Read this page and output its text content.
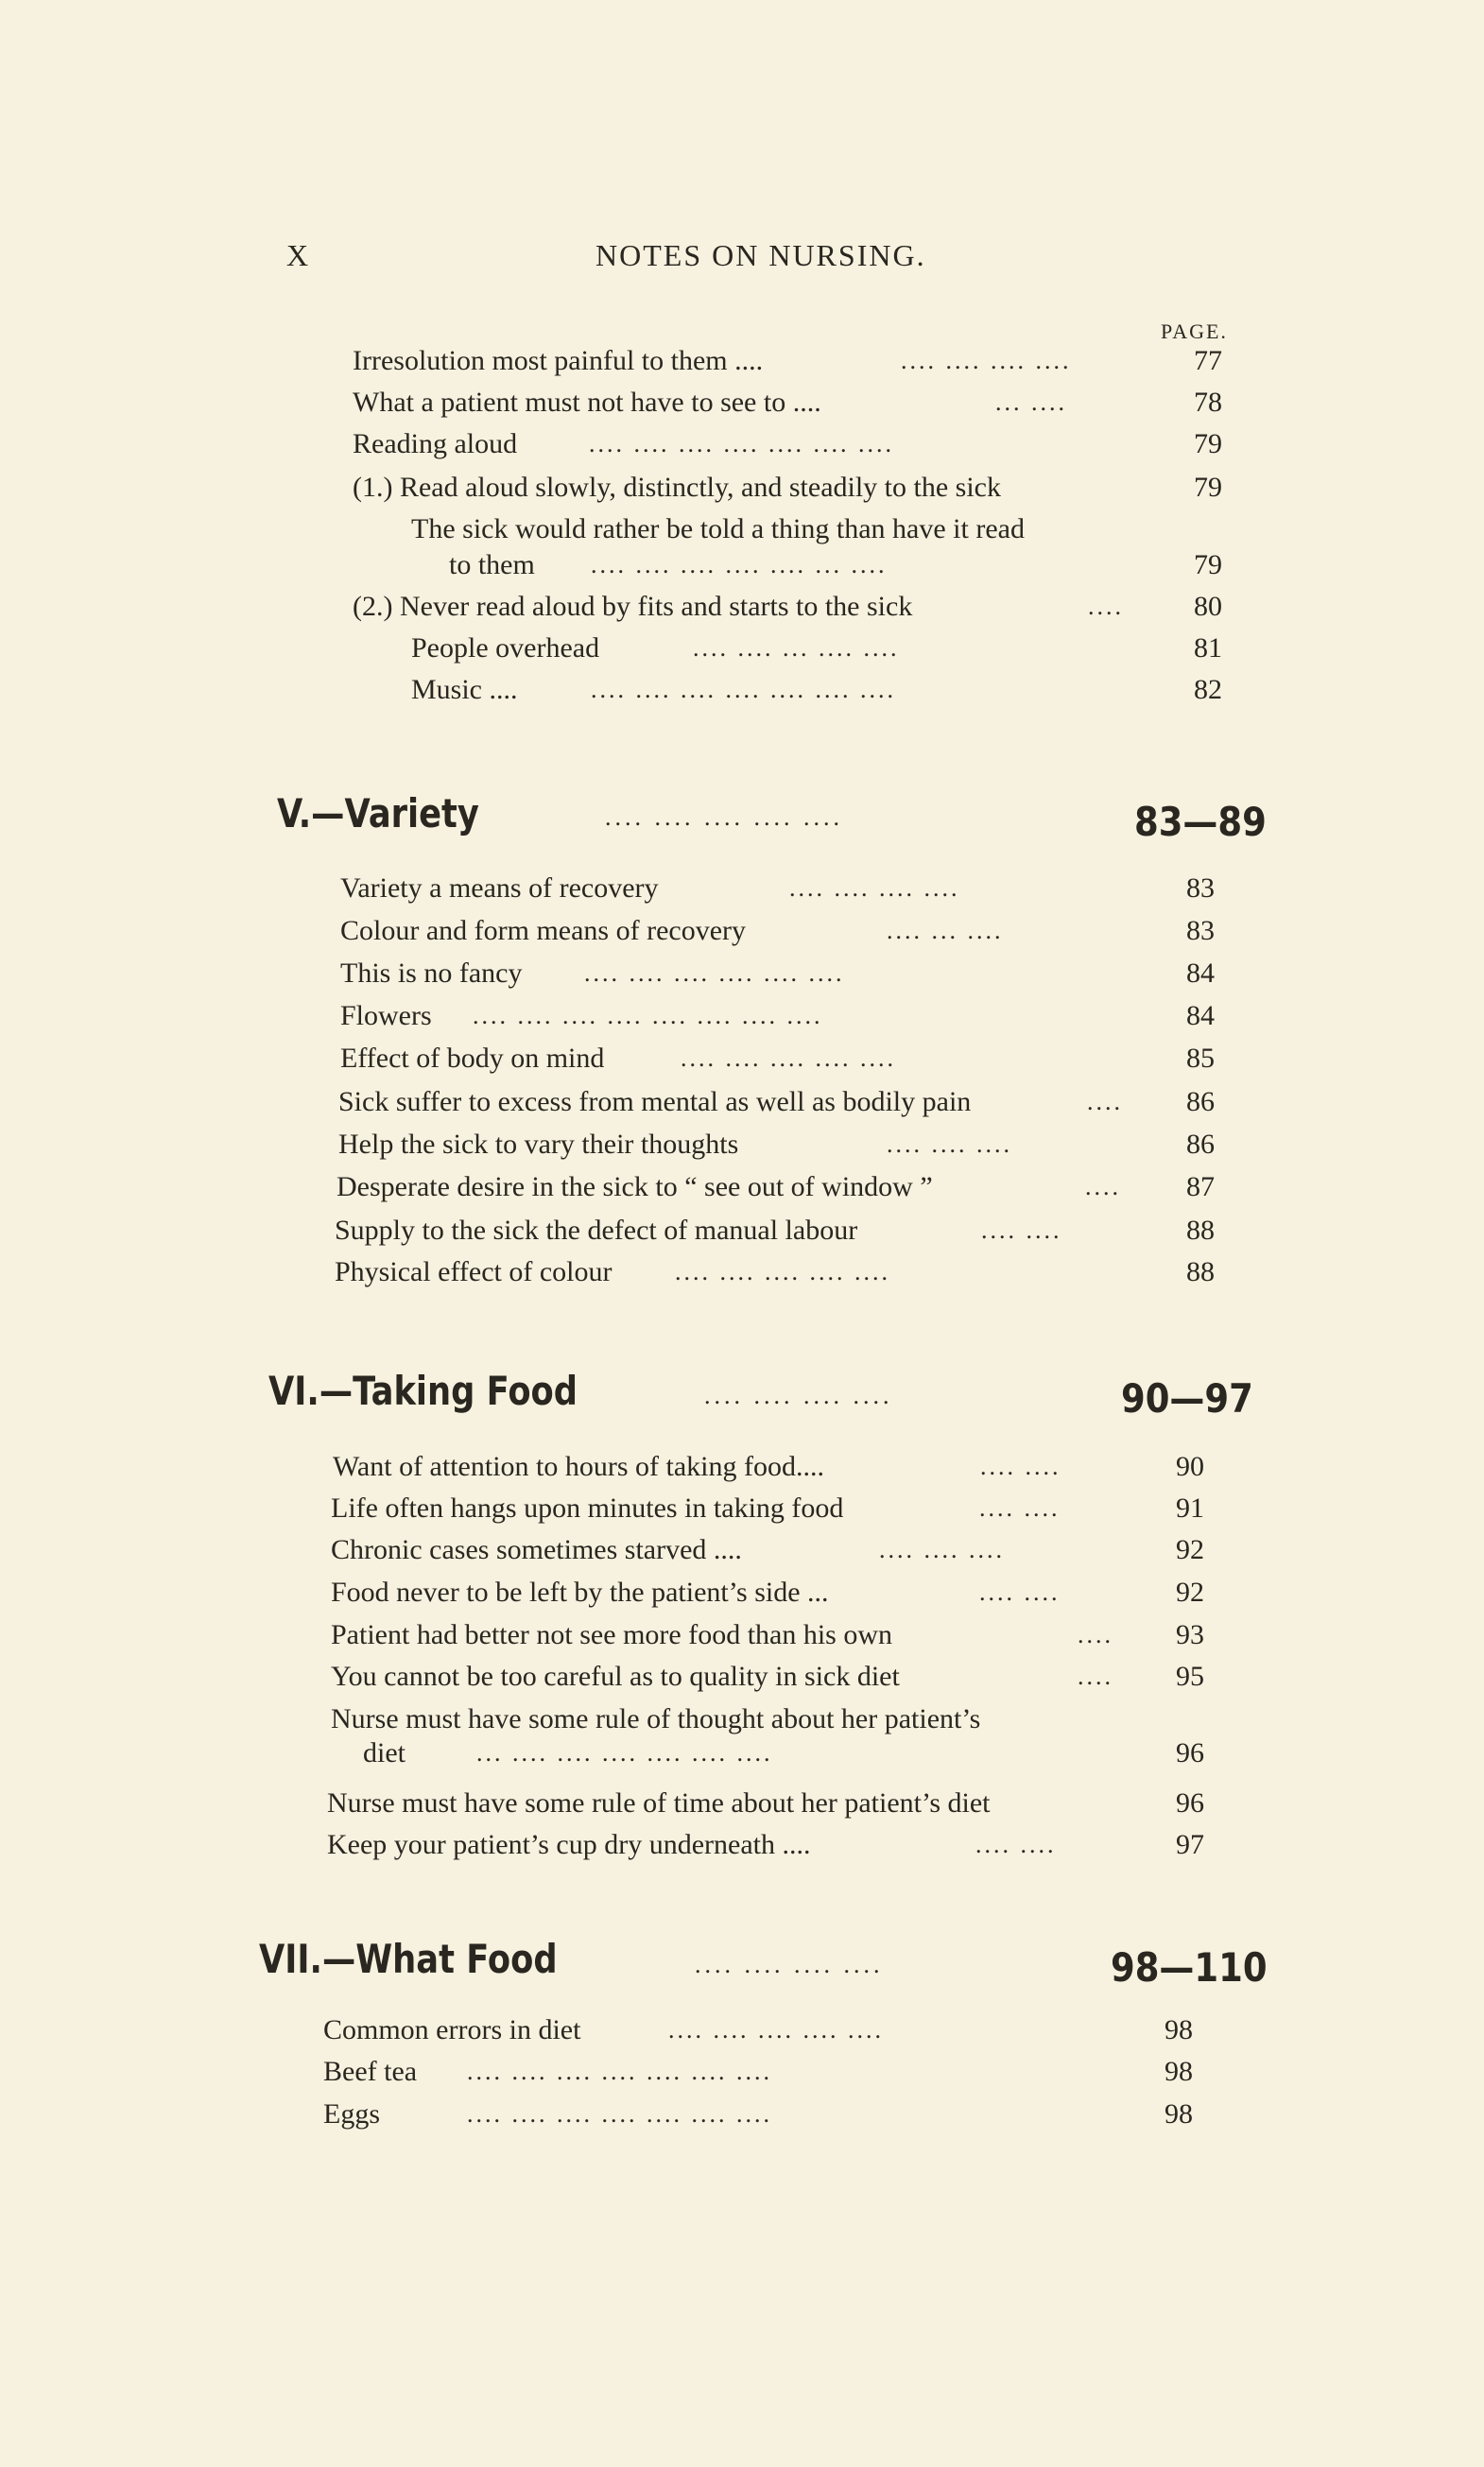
X	NOTES ON NURSING.
PAGE.
Irresolution most painful to them ....	.... .... .... ....	77
What a patient must not have to see to ....	... ....	78
Reading aloud	.... .... .... .... .... .... ....	79
(1.) Read aloud slowly, distinctly, and steadily to the sick	79
The sick would rather be told a thing than have it read
to them .... .... .... .... .... ... ....	79
(2.) Never read aloud by fits and starts to the sick	....	80
People overhead	.... .... ... .... ....	81
Music ....	.... .... .... .... .... .... ....	82
V.—Variety	.... .... .... .... ....	83—89
Variety a means of recovery	.... .... .... ....	83
Colour and form means of recovery	.... ... ....	83
This is no fancy	.... .... .... .... .... ....	84
Flowers .... .... .... .... .... .... .... ....	84
Effect of body on mind	.... .... .... .... ....	85
Sick suffer to excess from mental as well as bodily pain	....	86
Help the sick to vary their thoughts	.... .... ....	86
Desperate desire in the sick to “ see out of window ”	....	87
Supply to the sick the defect of manual labour	.... ....	88
Physical effect of colour	.... .... .... .... ....	88
VI.—Taking Food	.... .... .... ....	90—97
Want of attention to hours of taking food....	.... ....	90
Life often hangs upon minutes in taking food	.... ....	91
Chronic cases sometimes starved ....	.... .... ....	92
Food never to be left by the patient’s side ...	.... ....	92
Patient had better not see more food than his own	....	93
You cannot be too careful as to quality in sick diet	....	95
Nurse must have some rule of thought about her patient’s
diet	... .... .... .... .... .... ....	96
Nurse must have some rule of time about her patient’s diet	96
Keep your patient’s cup dry underneath ....	.... ....	97
VII.—What Food	.... .... .... ....	98—110
Common errors in diet	.... .... .... .... ....	98
Beef tea .... .... .... .... .... .... ....	98
Eggs	.... .... .... .... .... .... ....	98
